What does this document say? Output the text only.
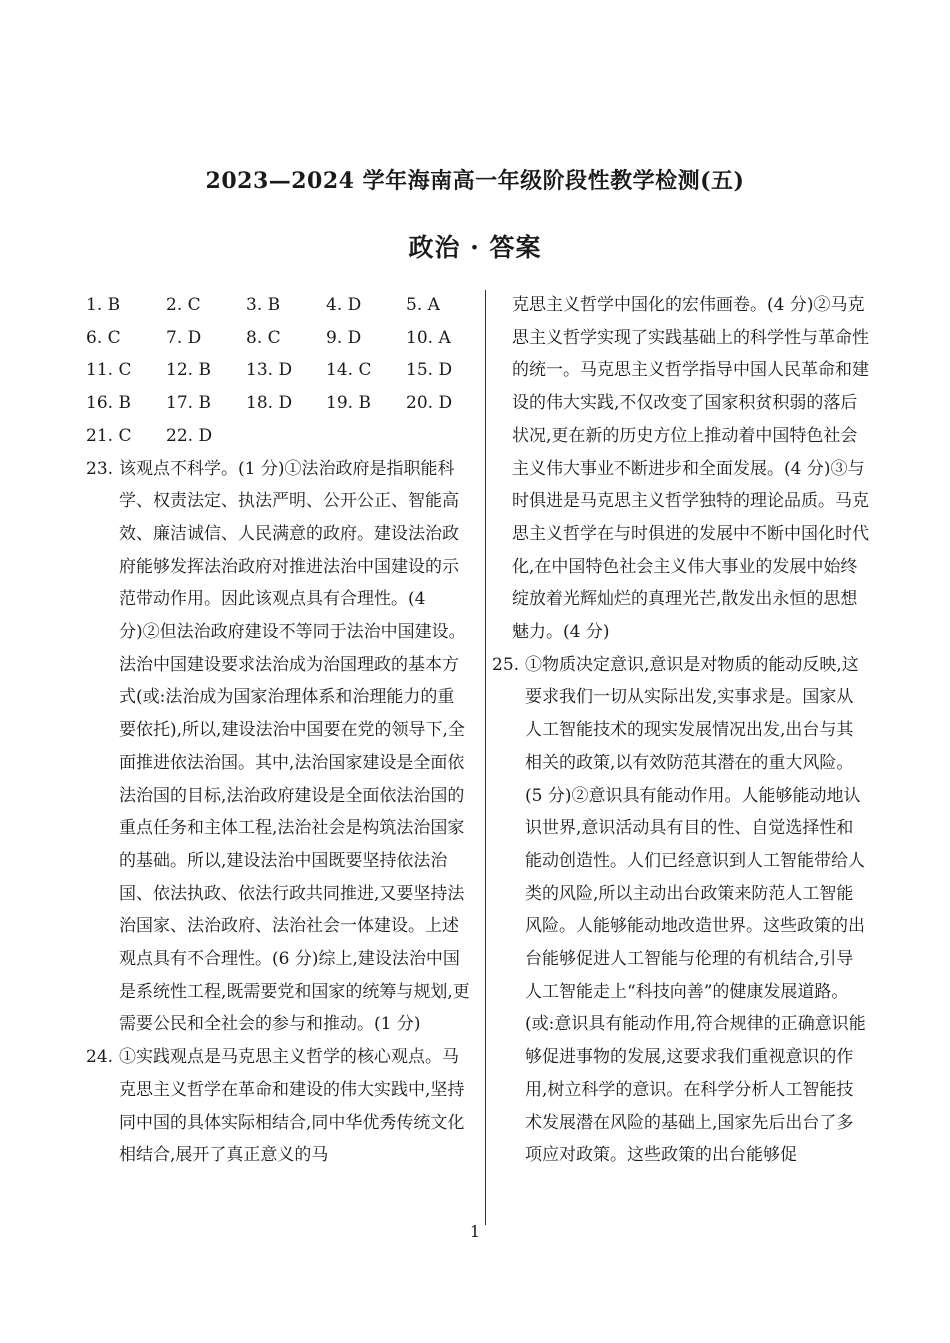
2023—2024 学年海南高一年级阶段性教学检测(五)
政治 · 答案
1. B	2. C	3. B	4. D	5. A
6. C	7. D	8. C	9. D	10. A
11. C	12. B	13. D	14. C	15. D
16. B	17. B	18. D	19. B	20. D
21. C	22. D
23. 该观点不科学。(1 分)①法治政府是指职能科学、权责法定、执法严明、公开公正、智能高效、廉洁诚信、人民满意的政府。建设法治政府能够发挥法治政府对推进法治中国建设的示范带动作用。因此该观点具有合理性。(4 分)②但法治政府建设不等同于法治中国建设。法治中国建设要求法治成为治国理政的基本方式(或:法治成为国家治理体系和治理能力的重要依托),所以,建设法治中国要在党的领导下,全面推进依法治国。其中,法治国家建设是全面依法治国的目标,法治政府建设是全面依法治国的重点任务和主体工程,法治社会是构筑法治国家的基础。所以,建设法治中国既要坚持依法治国、依法执政、依法行政共同推进,又要坚持法治国家、法治政府、法治社会一体建设。上述观点具有不合理性。(6 分)综上,建设法治中国是系统性工程,既需要党和国家的统筹与规划,更需要公民和全社会的参与和推动。(1 分)
24. ①实践观点是马克思主义哲学的核心观点。马克思主义哲学在革命和建设的伟大实践中,坚持同中国的具体实际相结合,同中华优秀传统文化相结合,展开了真正意义的马
克思主义哲学中国化的宏伟画卷。(4 分)②马克思主义哲学实现了实践基础上的科学性与革命性的统一。马克思主义哲学指导中国人民革命和建设的伟大实践,不仅改变了国家积贫积弱的落后状况,更在新的历史方位上推动着中国特色社会主义伟大事业不断进步和全面发展。(4 分)③与时俱进是马克思主义哲学独特的理论品质。马克思主义哲学在与时俱进的发展中不断中国化时代化,在中国特色社会主义伟大事业的发展中始终绽放着光辉灿烂的真理光芒,散发出永恒的思想魅力。(4 分)
25. ①物质决定意识,意识是对物质的能动反映,这要求我们一切从实际出发,实事求是。国家从人工智能技术的现实发展情况出发,出台与其相关的政策,以有效防范其潜在的重大风险。(5 分)②意识具有能动作用。人能够能动地认识世界,意识活动具有目的性、自觉选择性和能动创造性。人们已经意识到人工智能带给人类的风险,所以主动出台政策来防范人工智能风险。人能够能动地改造世界。这些政策的出台能够促进人工智能与伦理的有机结合,引导人工智能走上“科技向善”的健康发展道路。(或:意识具有能动作用,符合规律的正确意识能够促进事物的发展,这要求我们重视意识的作用,树立科学的意识。在科学分析人工智能技术发展潜在风险的基础上,国家先后出台了多项应对政策。这些政策的出台能够促
1
